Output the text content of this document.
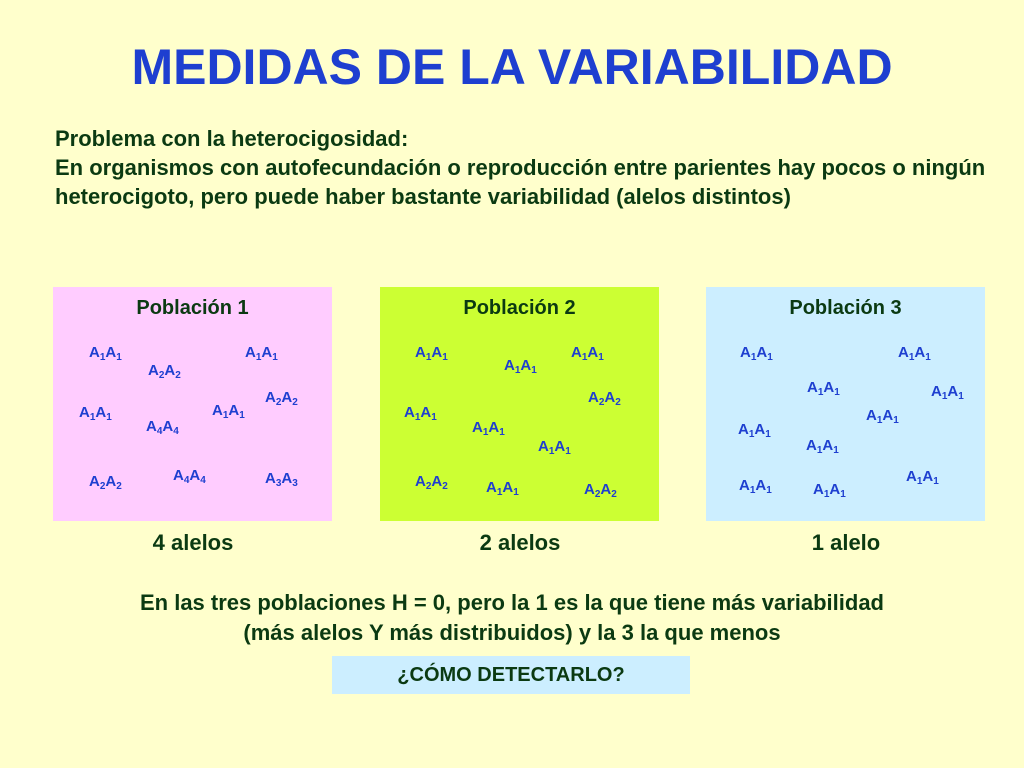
MEDIDAS DE LA VARIABILIDAD
Problema con la heterocigosidad:
En organismos con autofecundación o reproducción entre parientes hay pocos o ningún heterocigoto, pero puede haber bastante variabilidad (alelos distintos)
Población 1
$A_1A_1$
$A_2A_2$
$A_1A_1$
$A_2A_2$
$A_1A_1$
$A_4A_4$
$A_1A_1$
$A_2A_2$
$A_4A_4$	$A_3A_3$
4 alelos
Población 2
$A_1A_1$	$A_1A_1$
$A_1A_1$
$A_2A_2$
$A_1A_1$
$A_1A_1$
$A_1A_1$
$A_2A_2$	$A_1A_1$	$A_2A_2$
2 alelos
Población 3
$A_1A_1$	$A_1A_1$
$A_1A_1$	$A_1A_1$
$A_1A_1$
$A_1A_1$
$A_1A_1$
$A_1A_1$
$A_1A_1$	$A_1A_1$
1 alelo
En las tres poblaciones H = 0, pero la 1 es la que tiene más variabilidad
(más alelos Y más distribuidos) y la 3 la que menos
¿CÓMO DETECTARLO?
